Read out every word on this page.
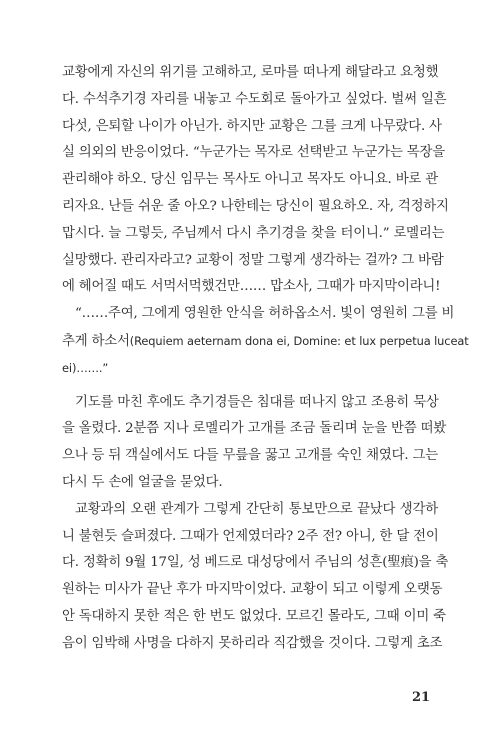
교황에게 자신의 위기를 고해하고, 로마를 떠나게 해달라고 요청했
다. 수석추기경 자리를 내놓고 수도회로 돌아가고 싶었다. 벌써 일흔
다섯, 은퇴할 나이가 아닌가. 하지만 교황은 그를 크게 나무랐다. 사
실 의외의 반응이었다. “누군가는 목자로 선택받고 누군가는 목장을
관리해야 하오. 당신 임무는 목사도 아니고 목자도 아니요. 바로 관
리자요. 난들 쉬운 줄 아오? 나한테는 당신이 필요하오. 자, 걱정하지
맙시다. 늘 그렇듯, 주님께서 다시 추기경을 찾을 터이니.” 로멜리는
실망했다. 관리자라고? 교황이 정말 그렇게 생각하는 걸까? 그 바람
에 헤어질 때도 서먹서먹했건만…… 맙소사, 그때가 마지막이라니!
“……주여, 그에게 영원한 안식을 허하옵소서. 빛이 영원히 그를 비
추게 하소서(Requiem aeternam dona ei, Domine: et lux perpetua luceat
ei)…….”
기도를 마친 후에도 추기경들은 침대를 떠나지 않고 조용히 묵상
을 올렸다. 2분쯤 지나 로멜리가 고개를 조금 돌리며 눈을 반쯤 떠봤
으나 등 뒤 객실에서도 다들 무릎을 꿇고 고개를 숙인 채였다. 그는
다시 두 손에 얼굴을 묻었다.
교황과의 오랜 관계가 그렇게 간단히 통보만으로 끝났다 생각하
니 불현듯 슬퍼졌다. 그때가 언제였더라? 2주 전? 아니, 한 달 전이
다. 정확히 9월 17일, 성 베드로 대성당에서 주님의 성흔(聖痕)을 축
원하는 미사가 끝난 후가 마지막이었다. 교황이 되고 이렇게 오랫동
안 독대하지 못한 적은 한 번도 없었다. 모르긴 몰라도, 그때 이미 죽
음이 임박해 사명을 다하지 못하리라 직감했을 것이다. 그렇게 초조
21
